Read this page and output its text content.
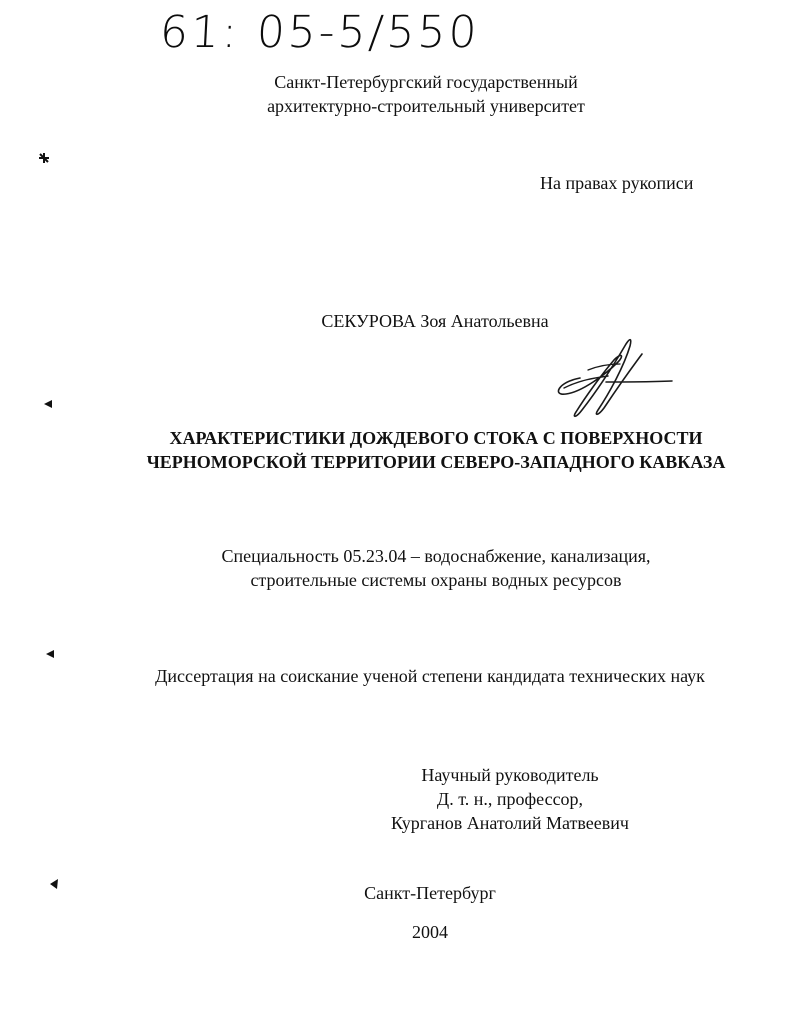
61: 05-5/550
Санкт-Петербургский государственный
архитектурно-строительный университет
На правах рукописи
СЕКУРОВА Зоя Анатольевна
ХАРАКТЕРИСТИКИ ДОЖДЕВОГО СТОКА С ПОВЕРХНОСТИ
ЧЕРНОМОРСКОЙ ТЕРРИТОРИИ СЕВЕРО-ЗАПАДНОГО КАВКАЗА
Специальность 05.23.04 – водоснабжение, канализация,
строительные системы охраны водных ресурсов
Диссертация на соискание ученой степени кандидата технических наук
Научный руководитель
Д. т. н., профессор,
Курганов Анатолий Матвеевич
Санкт-Петербург
2004
